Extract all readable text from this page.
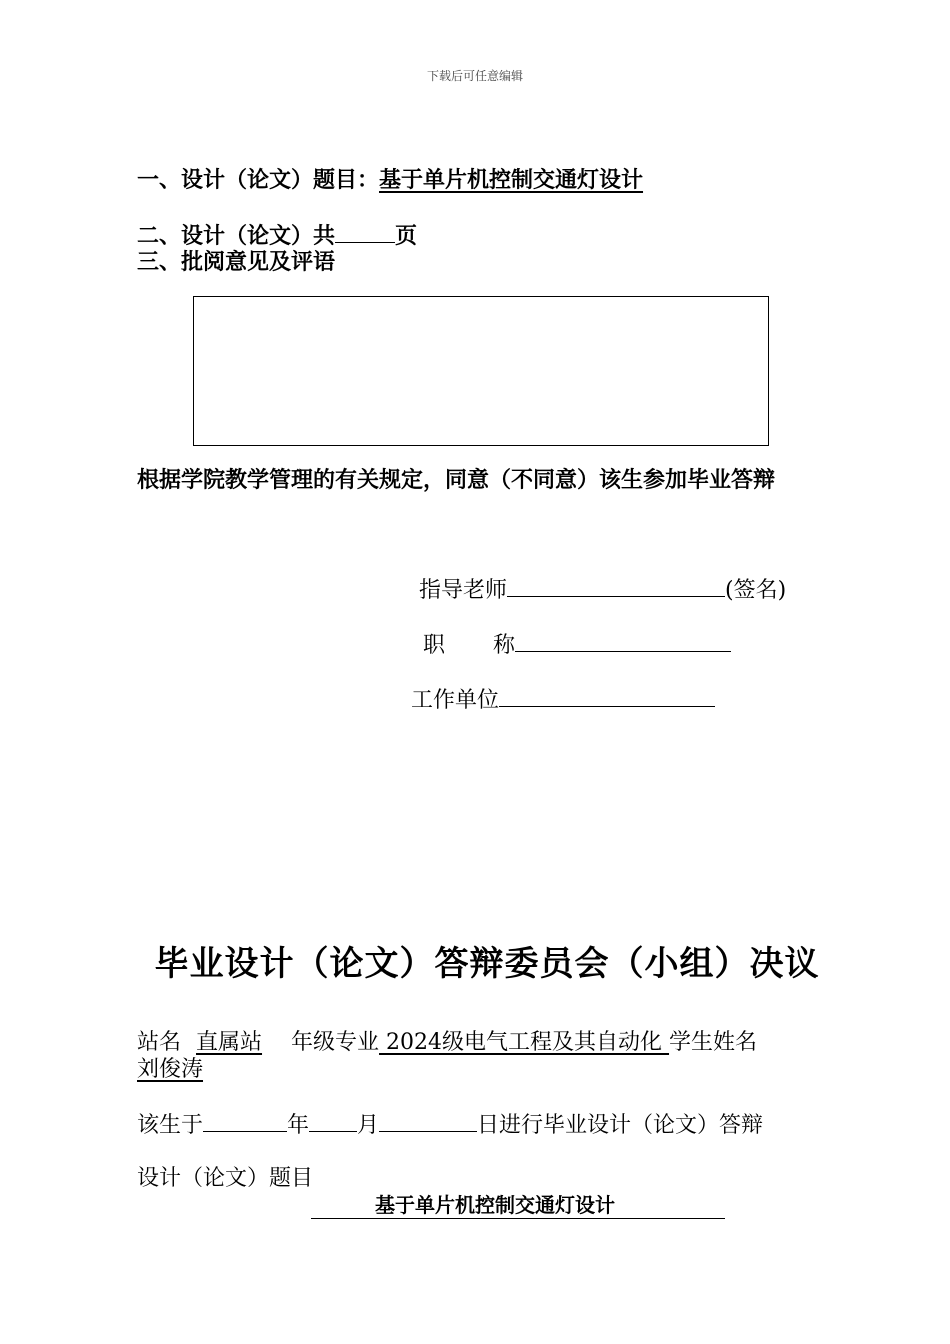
下载后可任意编辑
一、设计（论文）题目：基于单片机控制交通灯设计
二、设计（论文）共	页
三、批阅意见及评语
根据学院教学管理的有关规定，同意（不同意）该生参加毕业答辩
指导老师	(签名)
职 称
工作单位
毕业设计（论文）答辩委员会（小组）决议
站名 直属站 年级专业 2024级电气工程及其自动化 学生姓名
刘俊涛
该生于	年 月	日进行毕业设计（论文）答辩
设计（论文）题目
基于单片机控制交通灯设计
